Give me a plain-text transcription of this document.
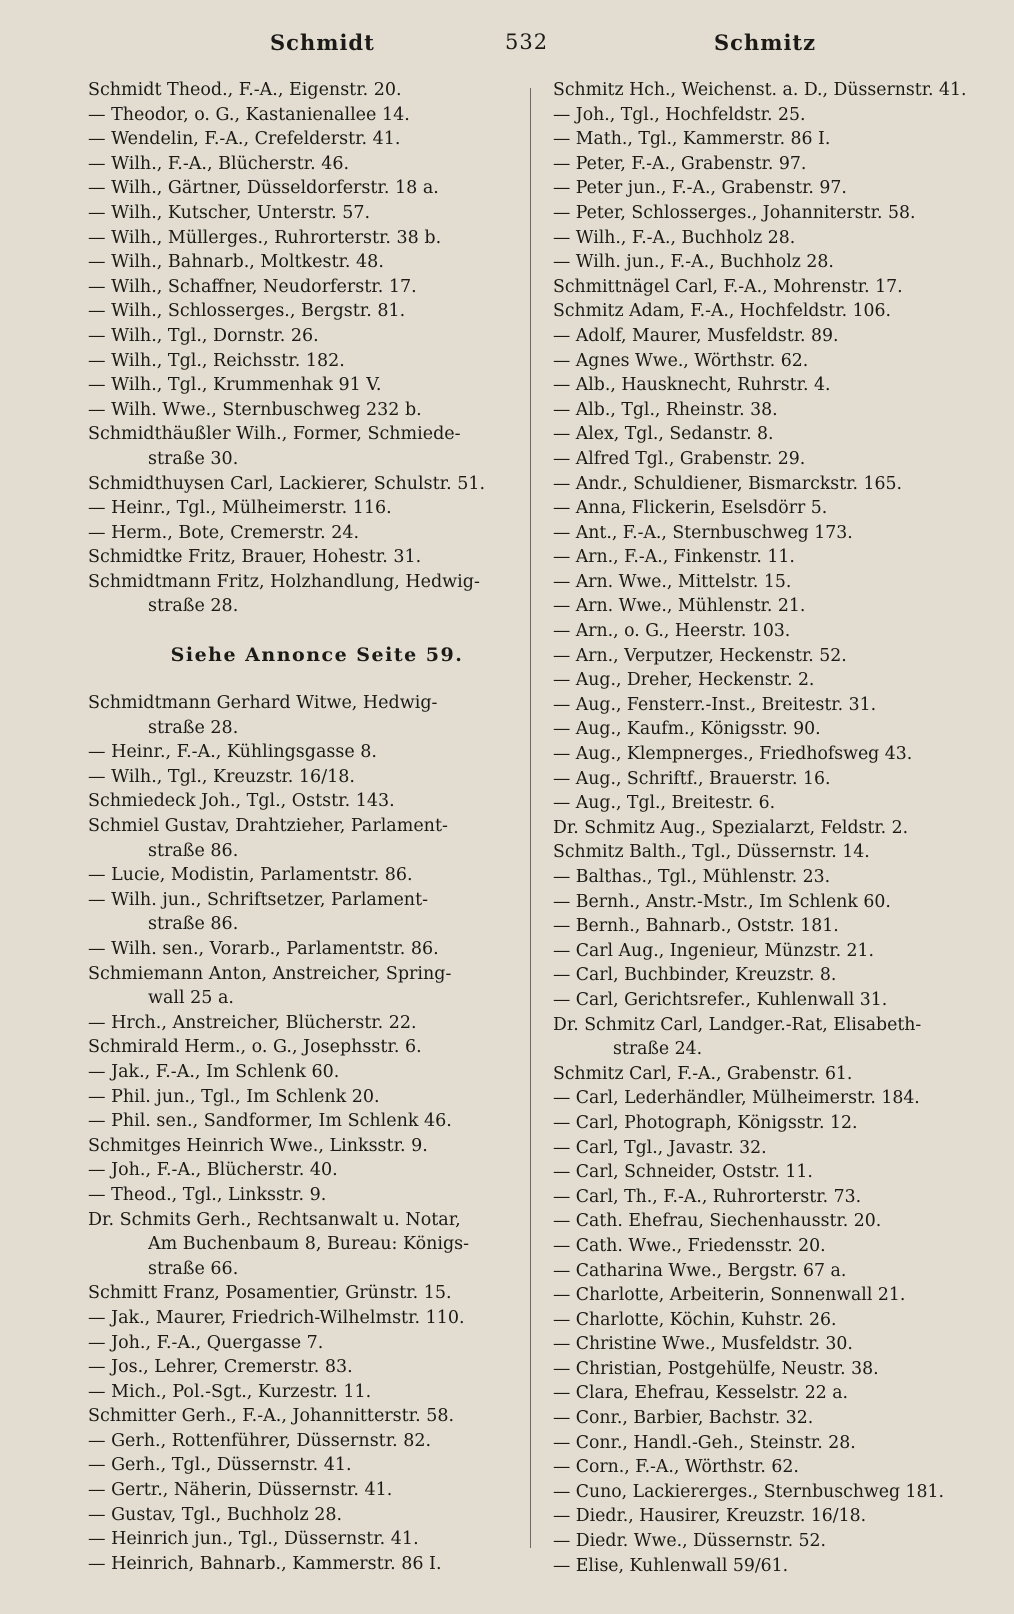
Schmidt	532	Schmitz
Schmidt Theod., F.-A., Eigenstr. 20.
— Theodor, o. G., Kastanienallee 14.
— Wendelin, F.-A., Crefelderstr. 41.
— Wilh., F.-A., Blücherstr. 46.
— Wilh., Gärtner, Düsseldorferstr. 18 a.
— Wilh., Kutscher, Unterstr. 57.
— Wilh., Müllerges., Ruhrorterstr. 38 b.
— Wilh., Bahnarb., Moltkestr. 48.
— Wilh., Schaffner, Neudorferstr. 17.
— Wilh., Schlosserges., Bergstr. 81.
— Wilh., Tgl., Dornstr. 26.
— Wilh., Tgl., Reichsstr. 182.
— Wilh., Tgl., Krummenhak 91 V.
— Wilh. Wwe., Sternbuschweg 232 b.
Schmidthäußler Wilh., Former, Schmiede-
straße 30.
Schmidthuysen Carl, Lackierer, Schulstr. 51.
— Heinr., Tgl., Mülheimerstr. 116.
— Herm., Bote, Cremerstr. 24.
Schmidtke Fritz, Brauer, Hohestr. 31.
Schmidtmann Fritz, Holzhandlung, Hedwig-
straße 28.
Siehe Annonce Seite 59.
Schmidtmann Gerhard Witwe, Hedwig-
straße 28.
— Heinr., F.-A., Kühlingsgasse 8.
— Wilh., Tgl., Kreuzstr. 16/18.
Schmiedeck Joh., Tgl., Oststr. 143.
Schmiel Gustav, Drahtzieher, Parlament-
straße 86.
— Lucie, Modistin, Parlamentstr. 86.
— Wilh. jun., Schriftsetzer, Parlament-
straße 86.
— Wilh. sen., Vorarb., Parlamentstr. 86.
Schmiemann Anton, Anstreicher, Spring-
wall 25 a.
— Hrch., Anstreicher, Blücherstr. 22.
Schmirald Herm., o. G., Josephsstr. 6.
— Jak., F.-A., Im Schlenk 60.
— Phil. jun., Tgl., Im Schlenk 20.
— Phil. sen., Sandformer, Im Schlenk 46.
Schmitges Heinrich Wwe., Linksstr. 9.
— Joh., F.-A., Blücherstr. 40.
— Theod., Tgl., Linksstr. 9.
Dr. Schmits Gerh., Rechtsanwalt u. Notar,
Am Buchenbaum 8, Bureau: Königs-
straße 66.
Schmitt Franz, Posamentier, Grünstr. 15.
— Jak., Maurer, Friedrich-Wilhelmstr. 110.
— Joh., F.-A., Quergasse 7.
— Jos., Lehrer, Cremerstr. 83.
— Mich., Pol.-Sgt., Kurzestr. 11.
Schmitter Gerh., F.-A., Johannitterstr. 58.
— Gerh., Rottenführer, Düssernstr. 82.
— Gerh., Tgl., Düssernstr. 41.
— Gertr., Näherin, Düssernstr. 41.
— Gustav, Tgl., Buchholz 28.
— Heinrich jun., Tgl., Düssernstr. 41.
— Heinrich, Bahnarb., Kammerstr. 86 I.
Schmitz Hch., Weichenst. a. D., Düssernstr. 41.
— Joh., Tgl., Hochfeldstr. 25.
— Math., Tgl., Kammerstr. 86 I.
— Peter, F.-A., Grabenstr. 97.
— Peter jun., F.-A., Grabenstr. 97.
— Peter, Schlosserges., Johanniterstr. 58.
— Wilh., F.-A., Buchholz 28.
— Wilh. jun., F.-A., Buchholz 28.
Schmittnägel Carl, F.-A., Mohrenstr. 17.
Schmitz Adam, F.-A., Hochfeldstr. 106.
— Adolf, Maurer, Musfeldstr. 89.
— Agnes Wwe., Wörthstr. 62.
— Alb., Hausknecht, Ruhrstr. 4.
— Alb., Tgl., Rheinstr. 38.
— Alex, Tgl., Sedanstr. 8.
— Alfred Tgl., Grabenstr. 29.
— Andr., Schuldiener, Bismarckstr. 165.
— Anna, Flickerin, Eselsdörr 5.
— Ant., F.-A., Sternbuschweg 173.
— Arn., F.-A., Finkenstr. 11.
— Arn. Wwe., Mittelstr. 15.
— Arn. Wwe., Mühlenstr. 21.
— Arn., o. G., Heerstr. 103.
— Arn., Verputzer, Heckenstr. 52.
— Aug., Dreher, Heckenstr. 2.
— Aug., Fensterr.-Inst., Breitestr. 31.
— Aug., Kaufm., Königsstr. 90.
— Aug., Klempnerges., Friedhofsweg 43.
— Aug., Schriftf., Brauerstr. 16.
— Aug., Tgl., Breitestr. 6.
Dr. Schmitz Aug., Spezialarzt, Feldstr. 2.
Schmitz Balth., Tgl., Düssernstr. 14.
— Balthas., Tgl., Mühlenstr. 23.
— Bernh., Anstr.-Mstr., Im Schlenk 60.
— Bernh., Bahnarb., Oststr. 181.
— Carl Aug., Ingenieur, Münzstr. 21.
— Carl, Buchbinder, Kreuzstr. 8.
— Carl, Gerichtsrefer., Kuhlenwall 31.
Dr. Schmitz Carl, Landger.-Rat, Elisabeth-
straße 24.
Schmitz Carl, F.-A., Grabenstr. 61.
— Carl, Lederhändler, Mülheimerstr. 184.
— Carl, Photograph, Königsstr. 12.
— Carl, Tgl., Javastr. 32.
— Carl, Schneider, Oststr. 11.
— Carl, Th., F.-A., Ruhrorterstr. 73.
— Cath. Ehefrau, Siechenhausstr. 20.
— Cath. Wwe., Friedensstr. 20.
— Catharina Wwe., Bergstr. 67 a.
— Charlotte, Arbeiterin, Sonnenwall 21.
— Charlotte, Köchin, Kuhstr. 26.
— Christine Wwe., Musfeldstr. 30.
— Christian, Postgehülfe, Neustr. 38.
— Clara, Ehefrau, Kesselstr. 22 a.
— Conr., Barbier, Bachstr. 32.
— Conr., Handl.-Geh., Steinstr. 28.
— Corn., F.-A., Wörthstr. 62.
— Cuno, Lackiererges., Sternbuschweg 181.
— Diedr., Hausirer, Kreuzstr. 16/18.
— Diedr. Wwe., Düssernstr. 52.
— Elise, Kuhlenwall 59/61.
